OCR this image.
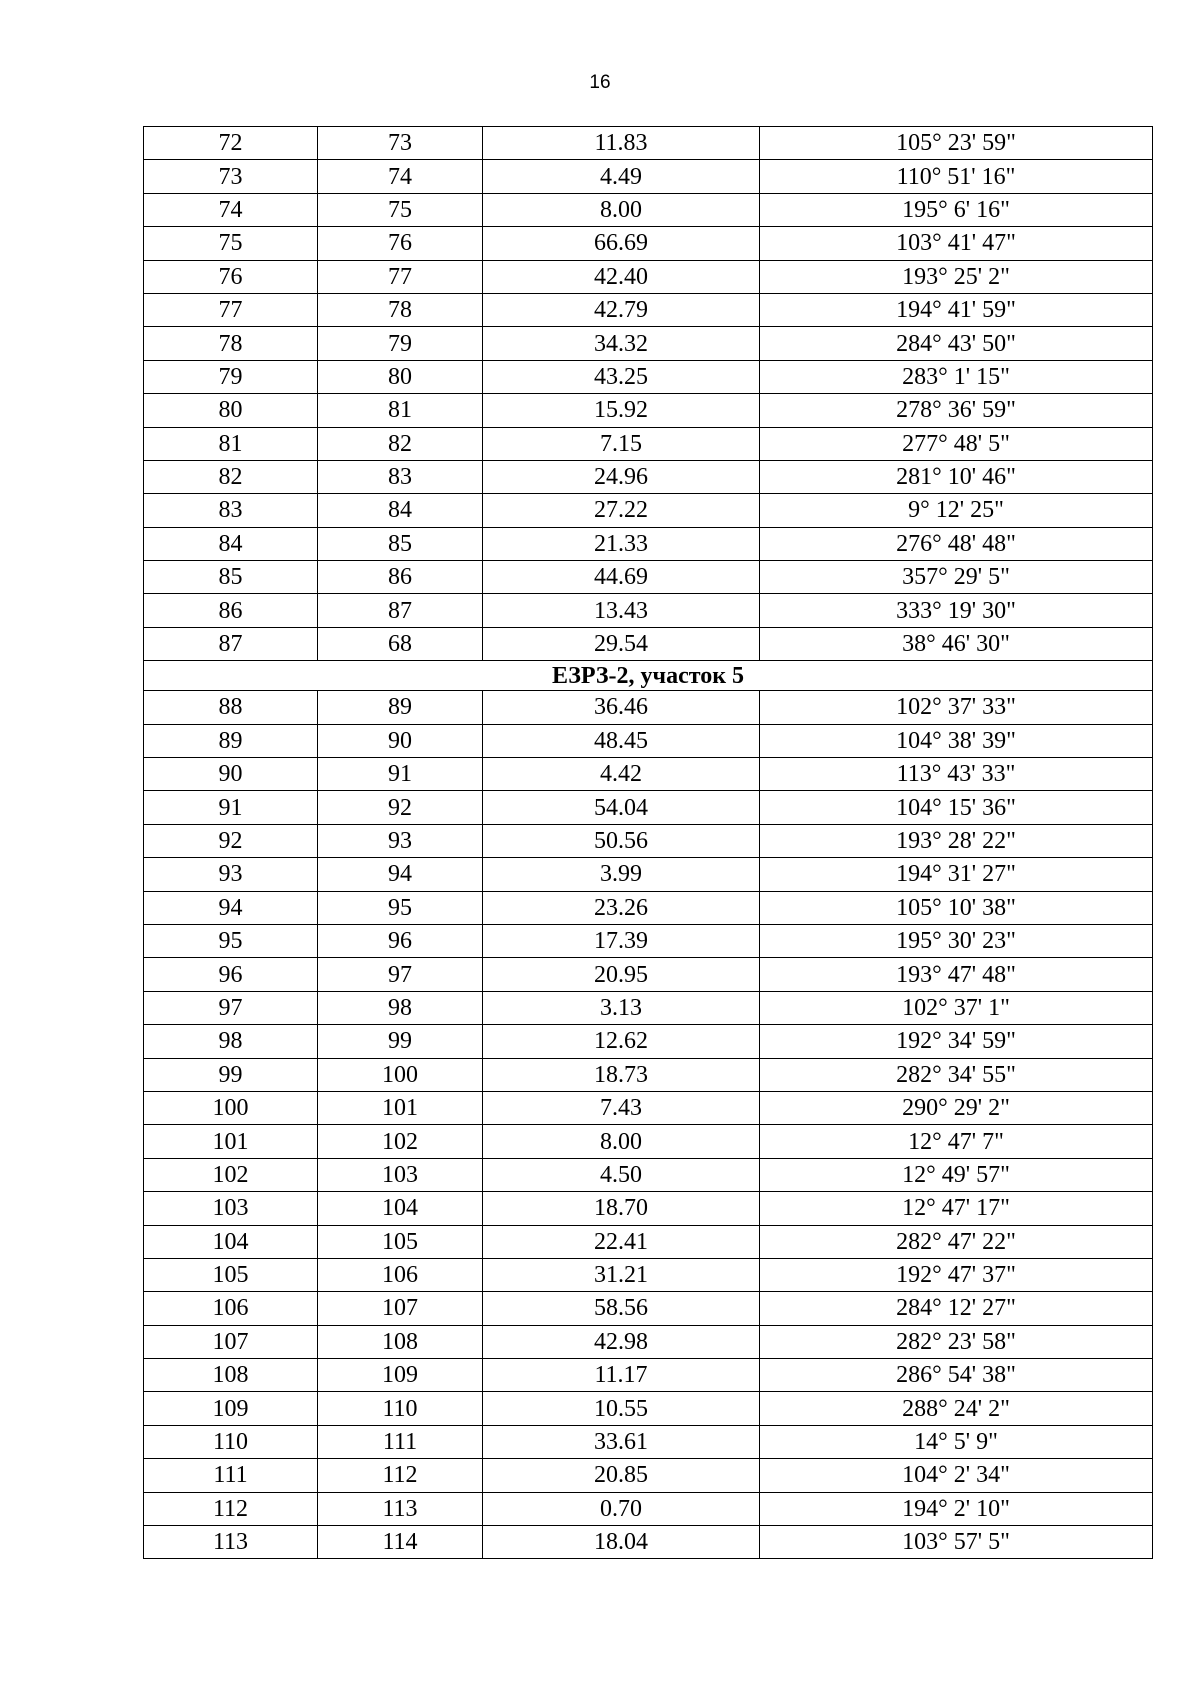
16
72	73	11.83	105° 23' 59"
73	74	4.49	110° 51' 16"
74	75	8.00	195° 6' 16"
75	76	66.69	103° 41' 47"
76	77	42.40	193° 25' 2"
77	78	42.79	194° 41' 59"
78	79	34.32	284° 43' 50"
79	80	43.25	283° 1' 15"
80	81	15.92	278° 36' 59"
81	82	7.15	277° 48' 5"
82	83	24.96	281° 10' 46"
83	84	27.22	9° 12' 25"
84	85	21.33	276° 48' 48"
85	86	44.69	357° 29' 5"
86	87	13.43	333° 19' 30"
87	68	29.54	38° 46' 30"
ЕЗРЗ-2, участок 5			
88	89	36.46	102° 37' 33"
89	90	48.45	104° 38' 39"
90	91	4.42	113° 43' 33"
91	92	54.04	104° 15' 36"
92	93	50.56	193° 28' 22"
93	94	3.99	194° 31' 27"
94	95	23.26	105° 10' 38"
95	96	17.39	195° 30' 23"
96	97	20.95	193° 47' 48"
97	98	3.13	102° 37' 1"
98	99	12.62	192° 34' 59"
99	100	18.73	282° 34' 55"
100	101	7.43	290° 29' 2"
101	102	8.00	12° 47' 7"
102	103	4.50	12° 49' 57"
103	104	18.70	12° 47' 17"
104	105	22.41	282° 47' 22"
105	106	31.21	192° 47' 37"
106	107	58.56	284° 12' 27"
107	108	42.98	282° 23' 58"
108	109	11.17	286° 54' 38"
109	110	10.55	288° 24' 2"
110	111	33.61	14° 5' 9"
111	112	20.85	104° 2' 34"
112	113	0.70	194° 2' 10"
113	114	18.04	103° 57' 5"
